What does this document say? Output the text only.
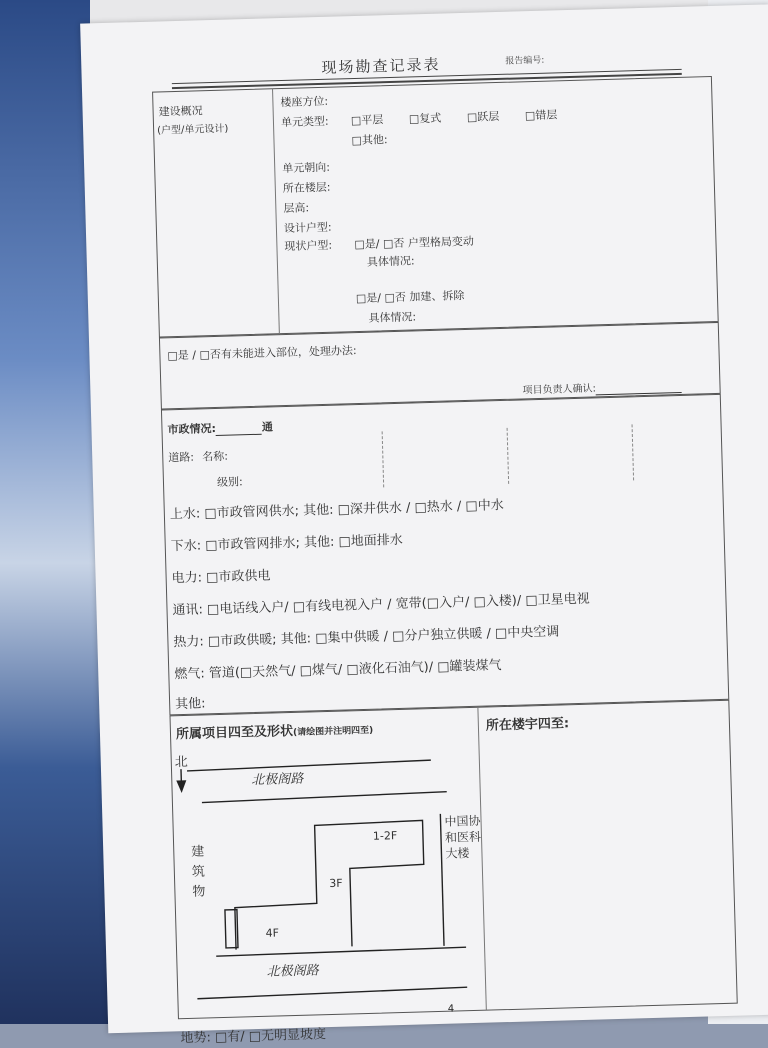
现场勘查记录表	报告编号:
建设概况
(户型/单元设计)
楼座方位:
单元类型: □平层 □复式 □跃层 □错层
□其他:
单元朝向:
所在楼层:
层高:
设计户型:
现状户型: □是/ □否 户型格局变动
具体情况:
□是/ □否 加建、拆除
具体情况:
□是 / □否有未能进入部位，处理办法:
项目负责人确认:
市政情况:	通
道路: 名称:
级别:
上水: □市政管网供水; 其他: □深井供水 / □热水 / □中水
下水: □市政管网排水; 其他: □地面排水
电力: □市政供电
通讯: □电话线入户/ □有线电视入户 / 宽带(□入户/ □入楼)/ □卫星电视
热力: □市政供暖; 其他: □集中供暖 / □分户独立供暖 / □中央空调
燃气: 管道(□天然气/ □煤气/ □液化石油气)/ □罐装煤气
其他:
所属项目四至及形状(请绘图并注明四至)	所在楼宇四至:
北
北极阁路
北极阁路
建筑物
中国协和医科大楼
1-2F
3F
4F
地势: □有/ □无明显坡度
4
